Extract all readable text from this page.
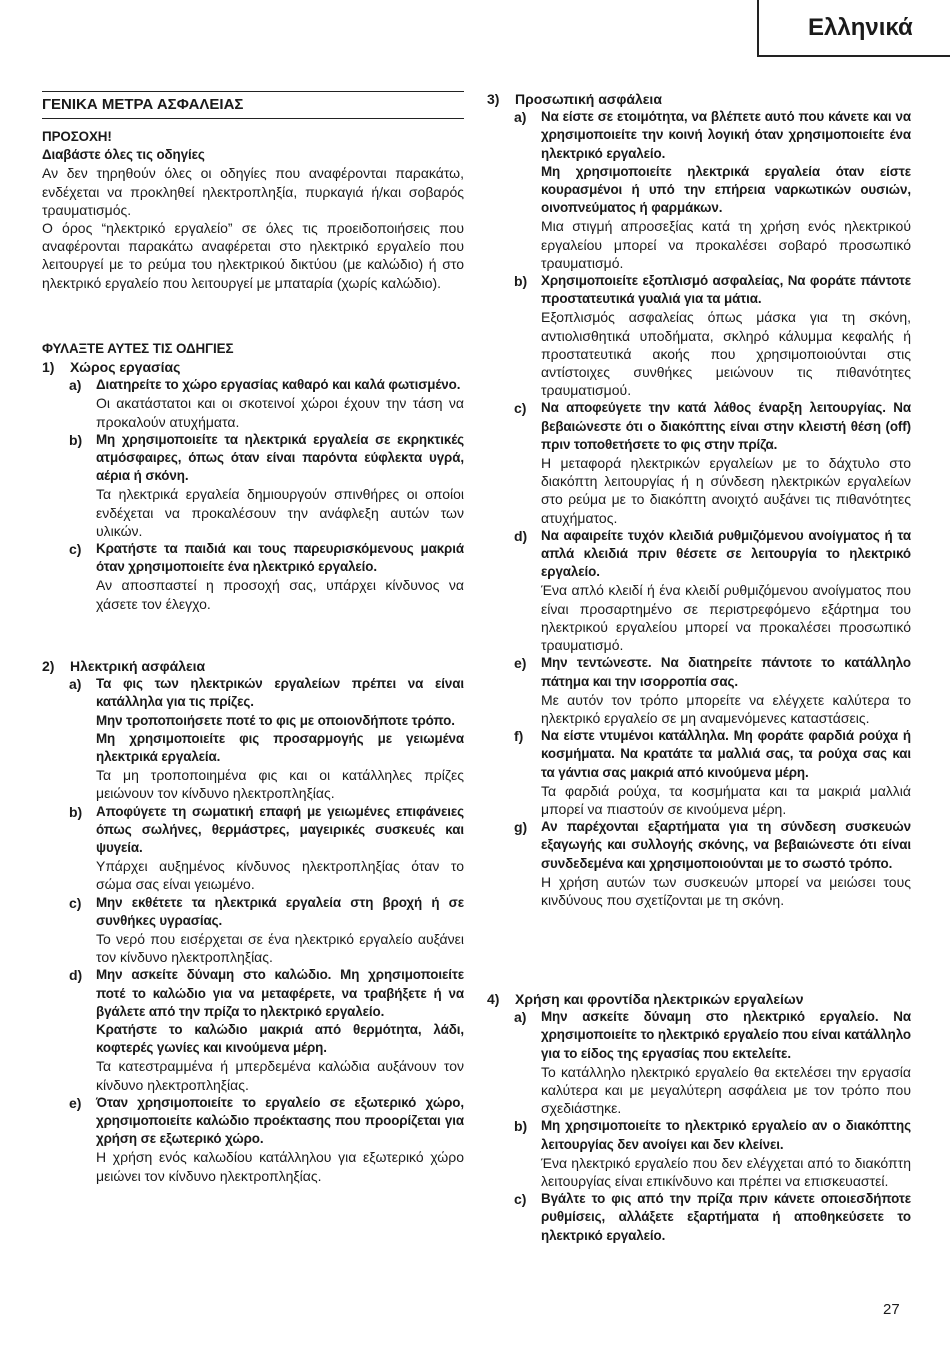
Ελληνικά
ΓΕΝΙΚΑ ΜΕΤΡΑ ΑΣΦΑΛΕΙΑΣ

ΠΡΟΣΟΧΗ!

Διαβάστε όλες τις οδηγίες

Αν δεν τηρηθούν όλες οι οδηγίες που αναφέρονται παρακάτω, ενδέχεται να προκληθεί ηλεκτροπληξία, πυρκαγιά ή/και σοβαρός τραυματισμός.

Ο όρος “ηλεκτρικό εργαλείο” σε όλες τις προειδοποιήσεις που αναφέρονται παρακάτω αναφέρεται στο ηλεκτρικό εργαλείο που λειτουργεί με το ρεύμα του ηλεκτρικού δικτύου (με καλώδιο) ή στο ηλεκτρικό εργαλείο που λειτουργεί με μπαταρία (χωρίς καλώδιο).

ΦΥΛΑΞΤΕ ΑΥΤΕΣ ΤΙΣ ΟΔΗΓΙΕΣ

1) Χώρος εργασίας
a) Διατηρείτε το χώρο εργασίας καθαρό και καλά φωτισμένο.

Οι ακατάστατοι και οι σκοτεινοί χώροι έχουν την τάση να προκαλούν ατυχήματα.

b) Μη χρησιμοποιείτε τα ηλεκτρικά εργαλεία σε εκρηκτικές ατμόσφαιρες, όπως όταν είναι παρόντα εύφλεκτα υγρά, αέρια ή σκόνη.

Τα ηλεκτρικά εργαλεία δημιουργούν σπινθήρες οι οποίοι ενδέχεται να προκαλέσουν την ανάφλεξη αυτών των υλικών.

c) Κρατήστε τα παιδιά και τους παρευρισκόμενους μακριά όταν χρησιμοποιείτε ένα ηλεκτρικό εργαλείο.

Αν αποσπαστεί η προσοχή σας, υπάρχει κίνδυνος να χάσετε τον έλεγχο.

2) Ηλεκτρική ασφάλεια
a) Τα φις των ηλεκτρικών εργαλείων πρέπει να είναι κατάλληλα για τις πρίζες.

Μην τροποποιήσετε ποτέ το φις με οποιονδήποτε τρόπο.

Μη χρησιμοποιείτε φις προσαρμογής με γειωμένα ηλεκτρικά εργαλεία.

Τα μη τροποποιημένα φις και οι κατάλληλες πρίζες μειώνουν τον κίνδυνο ηλεκτροπληξίας.

b) Αποφύγετε τη σωματική επαφή με γειωμένες επιφάνειες όπως σωλήνες, θερμάστρες, μαγειρικές συσκευές και ψυγεία.

Υπάρχει αυξημένος κίνδυνος ηλεκτροπληξίας όταν το σώμα σας είναι γειωμένο.

c) Μην εκθέτετε τα ηλεκτρικά εργαλεία στη βροχή ή σε συνθήκες υγρασίας.

Το νερό που εισέρχεται σε ένα ηλεκτρικό εργαλείο αυξάνει τον κίνδυνο ηλεκτροπληξίας.

d) Μην ασκείτε δύναμη στο καλώδιο. Μη χρησιμοποιείτε ποτέ το καλώδιο για να μεταφέρετε, να τραβήξετε ή να βγάλετε από την πρίζα το ηλεκτρικό εργαλείο.

Κρατήστε το καλώδιο μακριά από θερμότητα, λάδι, κοφτερές γωνίες και κινούμενα μέρη.

Τα κατεστραμμένα ή μπερδεμένα καλώδια αυξάνουν τον κίνδυνο ηλεκτροπληξίας.

e) Όταν χρησιμοποιείτε το εργαλείο σε εξωτερικό χώρο, χρησιμοποιείτε καλώδιο προέκτασης που προορίζεται για χρήση σε εξωτερικό χώρο.

Η χρήση ενός καλωδίου κατάλληλου για εξωτερικό χώρο μειώνει τον κίνδυνο ηλεκτροπληξίας.

3) Προσωπική ασφάλεια
a) Να είστε σε ετοιμότητα, να βλέπετε αυτό που κάνετε και να χρησιμοποιείτε την κοινή λογική όταν χρησιμοποιείτε ένα ηλεκτρικό εργαλείο.

Μη χρησιμοποιείτε ηλεκτρικά εργαλεία όταν είστε κουρασμένοι ή υπό την επήρεια ναρκωτικών ουσιών, οινοπνεύματος ή φαρμάκων.

Μια στιγμή απροσεξίας κατά τη χρήση ενός ηλεκτρικού εργαλείου μπορεί να προκαλέσει σοβαρό προσωπικό τραυματισμό.

b) Χρησιμοποιείτε εξοπλισμό ασφαλείας, Να φοράτε πάντοτε προστατευτικά γυαλιά για τα μάτια.

Εξοπλισμός ασφαλείας όπως μάσκα για τη σκόνη, αντιολισθητικά υποδήματα, σκληρό κάλυμμα κεφαλής ή προστατευτικά ακοής που χρησιμοποιούνται στις αντίστοιχες συνθήκες μειώνουν τις πιθανότητες τραυματισμού.

c) Να αποφεύγετε την κατά λάθος έναρξη λειτουργίας. Να βεβαιώνεστε ότι ο διακόπτης είναι στην κλειστή θέση (off) πριν τοποθετήσετε το φις στην πρίζα.

Η μεταφορά ηλεκτρικών εργαλείων με το δάχτυλο στο διακόπτη λειτουργίας ή η σύνδεση ηλεκτρικών εργαλείων στο ρεύμα με το διακόπτη ανοιχτό αυξάνει τις πιθανότητες ατυχήματος.

d) Να αφαιρείτε τυχόν κλειδιά ρυθμιζόμενου ανοίγματος ή τα απλά κλειδιά πριν θέσετε σε λειτουργία το ηλεκτρικό εργαλείο.

Ένα απλό κλειδί ή ένα κλειδί ρυθμιζόμενου ανοίγματος που είναι προσαρτημένο σε περιστρεφόμενο εξάρτημα του ηλεκτρικού εργαλείου μπορεί να προκαλέσει προσωπικό τραυματισμό.

e) Μην τεντώνεστε. Να διατηρείτε πάντοτε το κατάλληλο πάτημα και την ισορροπία σας.

Με αυτόν τον τρόπο μπορείτε να ελέγχετε καλύτερα το ηλεκτρικό εργαλείο σε μη αναμενόμενες καταστάσεις.

f) Να είστε ντυμένοι κατάλληλα. Μη φοράτε φαρδιά ρούχα ή κοσμήματα. Να κρατάτε τα μαλλιά σας, τα ρούχα σας και τα γάντια σας μακριά από κινούμενα μέρη.

Τα φαρδιά ρούχα, τα κοσμήματα και τα μακριά μαλλιά μπορεί να πιαστούν σε κινούμενα μέρη.

g) Αν παρέχονται εξαρτήματα για τη σύνδεση συσκευών εξαγωγής και συλλογής σκόνης, να βεβαιώνεστε ότι είναι συνδεδεμένα και χρησιμοποιούνται με το σωστό τρόπο.

Η χρήση αυτών των συσκευών μπορεί να μειώσει τους κινδύνους που σχετίζονται με τη σκόνη.

4) Χρήση και φροντίδα ηλεκτρικών εργαλείων
a) Μην ασκείτε δύναμη στο ηλεκτρικό εργαλείο. Να χρησιμοποιείτε το ηλεκτρικό εργαλείο που είναι κατάλληλο για το είδος της εργασίας που εκτελείτε.

Το κατάλληλο ηλεκτρικό εργαλείο θα εκτελέσει την εργασία καλύτερα και με μεγαλύτερη ασφάλεια με τον τρόπο που σχεδιάστηκε.

b) Μη χρησιμοποιείτε το ηλεκτρικό εργαλείο αν ο διακόπτης λειτουργίας δεν ανοίγει και δεν κλείνει.

Ένα ηλεκτρικό εργαλείο που δεν ελέγχεται από το διακόπτη λειτουργίας είναι επικίνδυνο και πρέπει να επισκευαστεί.

c) Βγάλτε το φις από την πρίζα πριν κάνετε οποιεσδήποτε ρυθμίσεις, αλλάξετε εξαρτήματα ή αποθηκεύσετε το ηλεκτρικό εργαλείο.

27
